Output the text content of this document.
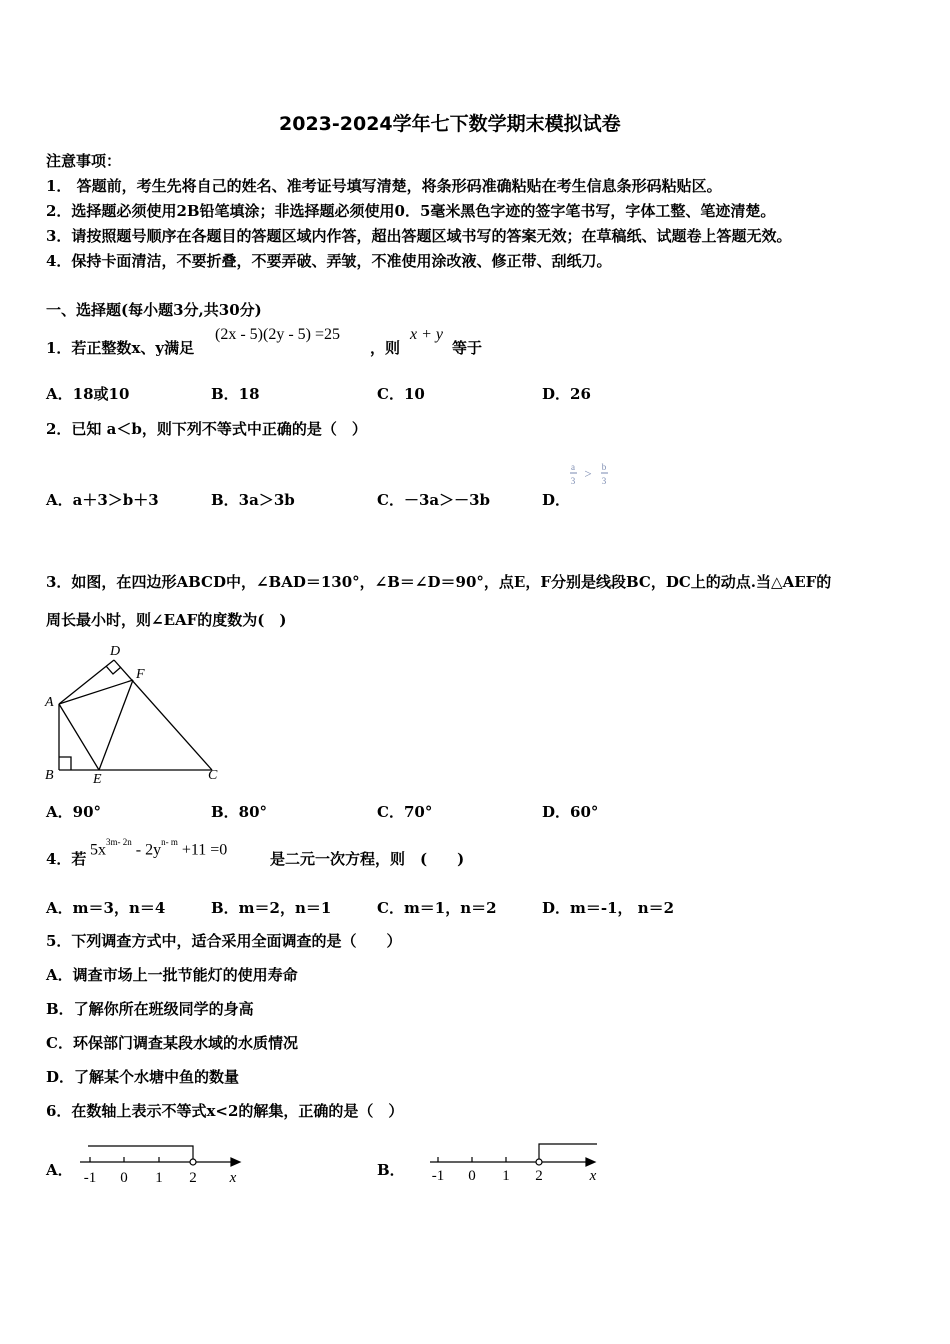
2023-2024学年七下数学期末模拟试卷
注意事项：
1． 答题前，考生先将自己的姓名、准考证号填写清楚，将条形码准确粘贴在考生信息条形码粘贴区。
2．选择题必须使用2B铅笔填涂；非选择题必须使用0．5毫米黑色字迹的签字笔书写，字体工整、笔迹清楚。
3．请按照题号顺序在各题目的答题区域内作答，超出答题区域书写的答案无效；在草稿纸、试题卷上答题无效。
4．保持卡面清洁，不要折叠，不要弄破、弄皱，不准使用涂改液、修正带、刮纸刀。
一、选择题(每小题3分,共30分)
1．若正整数x、y满足
(2x - 5)(2y - 5) =25
，则
x + y
等于
A．18或10	B．18	C．10	D．26
2．已知 a＜b，则下列不等式中正确的是（　）
A．a＋3＞b＋3	B．3a＞3b	C．－3a＞－3b	D．
a
3 > b
3
3．如图，在四边形ABCD中，∠BAD＝130°，∠B＝∠D＝90°，点E，F分别是线段BC，DC上的动点.当△AEF的
周长最小时，则∠EAF的度数为(　)
D
F
A
B	E	C
A．90°	B．80°	C．70°	D．60°
4．若
$5x^{3m- 2n} - 2y^{n- m} +11 =0$
是二元一次方程，则　(　　)
A．m＝3，n＝4	B．m＝2，n＝1	C．m＝1，n＝2	D．m＝-1， n＝2
5．下列调查方式中，适合采用全面调查的是（　　）
A．调查市场上一批节能灯的使用寿命
B．了解你所在班级同学的身高
C．环保部门调查某段水域的水质情况
D．了解某个水塘中鱼的数量
6．在数轴上表示不等式x<2的解集，正确的是（　）
A．	B．
-1 0 1 2 x	-1 0 1 2	x
